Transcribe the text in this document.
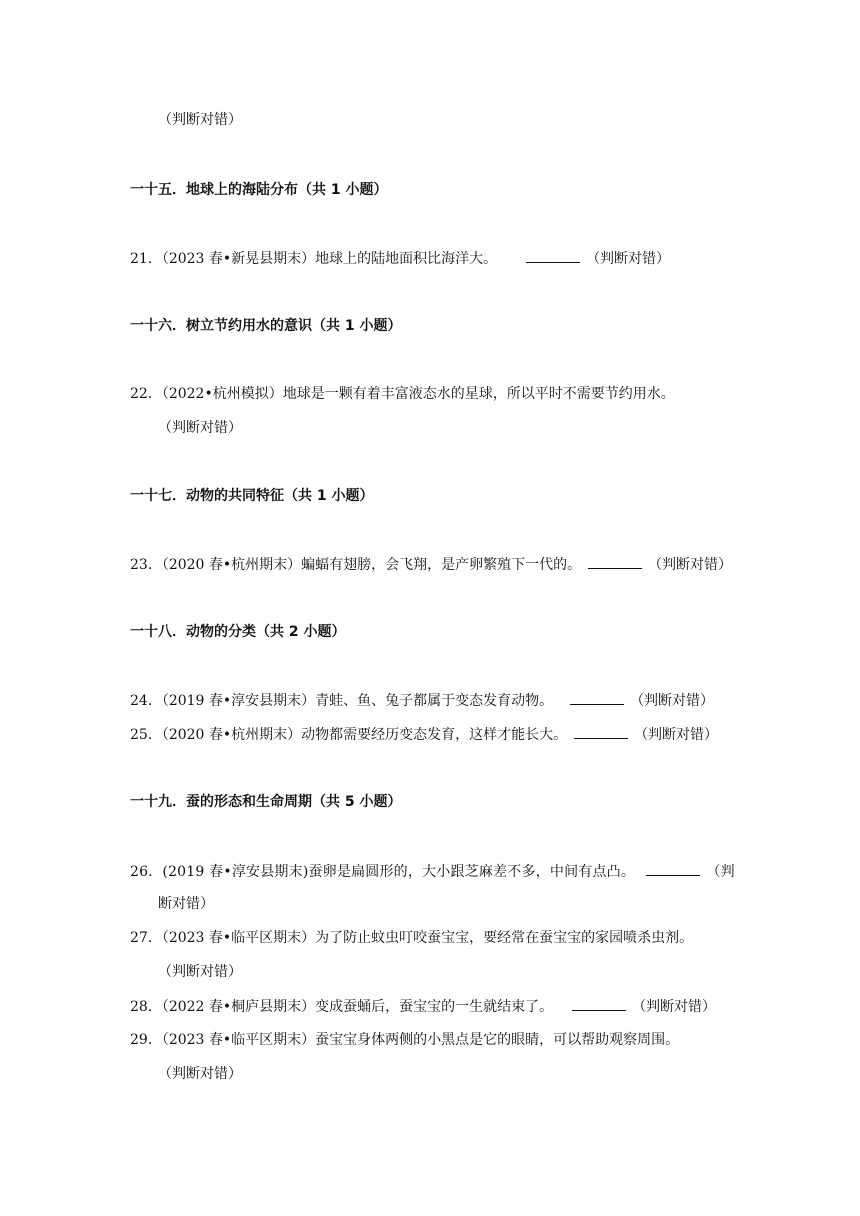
（判断对错）
一十五．地球上的海陆分布（共 1 小题）
21．（2023 春•新晃县期末）地球上的陆地面积比海洋大。	（判断对错）
一十六．树立节约用水的意识（共 1 小题）
22．（2022•杭州模拟）地球是一颗有着丰富液态水的星球，所以平时不需要节约用水。
（判断对错）
一十七．动物的共同特征（共 1 小题）
23．（2020 春•杭州期末）蝙蝠有翅膀，会飞翔，是产卵繁殖下一代的。	（判断对错）
一十八．动物的分类（共 2 小题）
24．（2019 春•淳安县期末）青蛙、鱼、兔子都属于变态发育动物。	（判断对错）
25．（2020 春•杭州期末）动物都需要经历变态发育，这样才能长大。	（判断对错）
一十九．蚕的形态和生命周期（共 5 小题）
26．(2019 春•淳安县期末)蚕卵是扁圆形的，大小跟芝麻差不多，中间有点凸。	（判
断对错）
27．（2023 春•临平区期末）为了防止蚊虫叮咬蚕宝宝，要经常在蚕宝宝的家园喷杀虫剂。
（判断对错）
28．（2022 春•桐庐县期末）变成蚕蛹后，蚕宝宝的一生就结束了。	（判断对错）
29．（2023 春•临平区期末）蚕宝宝身体两侧的小黑点是它的眼睛，可以帮助观察周围。
（判断对错）
